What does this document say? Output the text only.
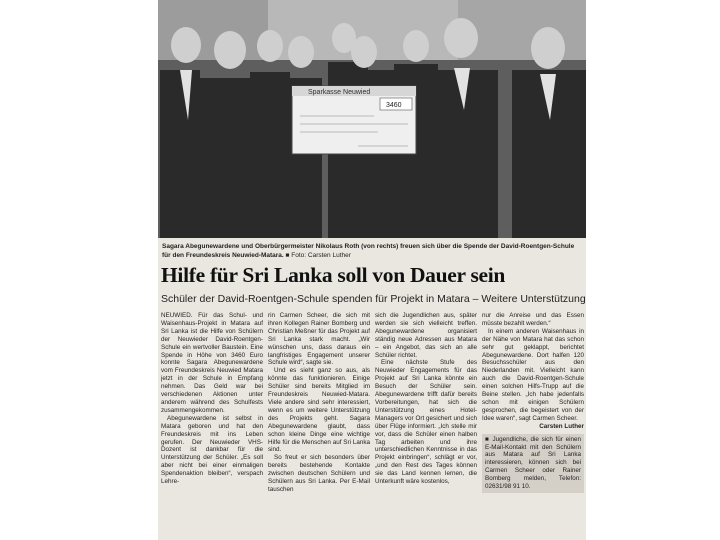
Sparkasse Neuwied
3460
Sagara Abegunewardene und Oberbürgermeister Nikolaus Roth (von rechts) freuen sich über die Spende der David-Roentgen-Schule für den Freundeskreis Neuwied-Matara. ■ Foto: Carsten Luther
Hilfe für Sri Lanka soll von Dauer sein
Schüler der David-Roentgen-Schule spenden für Projekt in Matara – Weitere Unterstützung

NEUWIED. Für das Schul- und Waisenhaus-Projekt in Matara auf Sri Lanka ist die Hilfe von Schülern der Neuwieder David-Roentgen-Schule ein wertvoller Baustein. Eine Spende in Höhe von 3460 Euro konnte Sagara Abegunewardene vom Freundeskreis Neuwied Matara jetzt in der Schule in Empfang nehmen. Das Geld war bei verschiedenen Aktionen unter anderem während des Schulfests zusammengekommen.

Abegunewardene ist selbst in Matara geboren und hat den Freundeskreis mit ins Leben gerufen. Der Neuwieder VHS-Dozent ist dankbar für die Unterstützung der Schüler. „Es soll aber nicht bei einer einmaligen Spendenaktion bleiben“, verspach Lehre-

rin Carmen Scheer, die sich mit ihren Kollegen Rainer Bomberg und Christian Meßner für das Projekt auf Sri Lanka stark macht. „Wir wünschen uns, dass daraus ein langfristiges Engagement unserer Schule wird“, sagte sie.

Und es sieht ganz so aus, als könnte das funktionieren. Einige Schüler sind bereits Mitglied im Freundeskreis Neuwied-Matara. Viele andere sind sehr interessiert, wenn es um weitere Unterstützung des Projekts geht. Sagara Abegunewardene glaubt, dass schon kleine Dinge eine wichtige Hilfe für die Menschen auf Sri Lanka sind.

So freut er sich besonders über bereits bestehende Kontakte zwischen deutschen Schülern und Schülern aus Sri Lanka. Per E-Mail tauschen

sich die Jugendlichen aus, später werden sie sich vielleicht treffen. Abegunewardene organisiert ständig neue Adressen aus Matara – ein Angebot, das sich an alle Schüler richtet.

Eine nächste Stufe des Neuwieder Engagements für das Projekt auf Sri Lanka könnte ein Besuch der Schüler sein. Abegunewardene trifft dafür bereits Vorbereitungen, hat sich die Unterstützung eines Hotel-Managers vor Ort gesichert und sich über Flüge informiert. „Ich stelle mir vor, dass die Schüler einen halben Tag arbeiten und ihre unterschiedlichen Kenntnisse in das Projekt einbringen“, schlägt er vor, „und den Rest des Tages können sie das Land kennen lernen, die Unterkunft wäre kostenlos,

nur die Anreise und das Essen müsste bezahlt werden.“

In einem anderen Waisenhaus in der Nähe von Matara hat das schon sehr gut geklappt, berichtet Abegunewardene. Dort halfen 120 Besuchsschüler aus den Niederlanden mit. Vielleicht kann auch die David-Roentgen-Schule einen solchen Hilfs-Trupp auf die Beine stellen. „Ich habe jedenfalls schon mit einigen Schülern gesprochen, die begeistert von der Idee waren“, sagt Carmen Scheer.

Carsten Luther
■ Jugendliche, die sich für einen E-Mail-Kontakt mit den Schülern aus Matara auf Sri Lanka interessieren, können sich bei Carmen Scheer oder Rainer Bomberg melden, Telefon: 02631/98 91 10.
